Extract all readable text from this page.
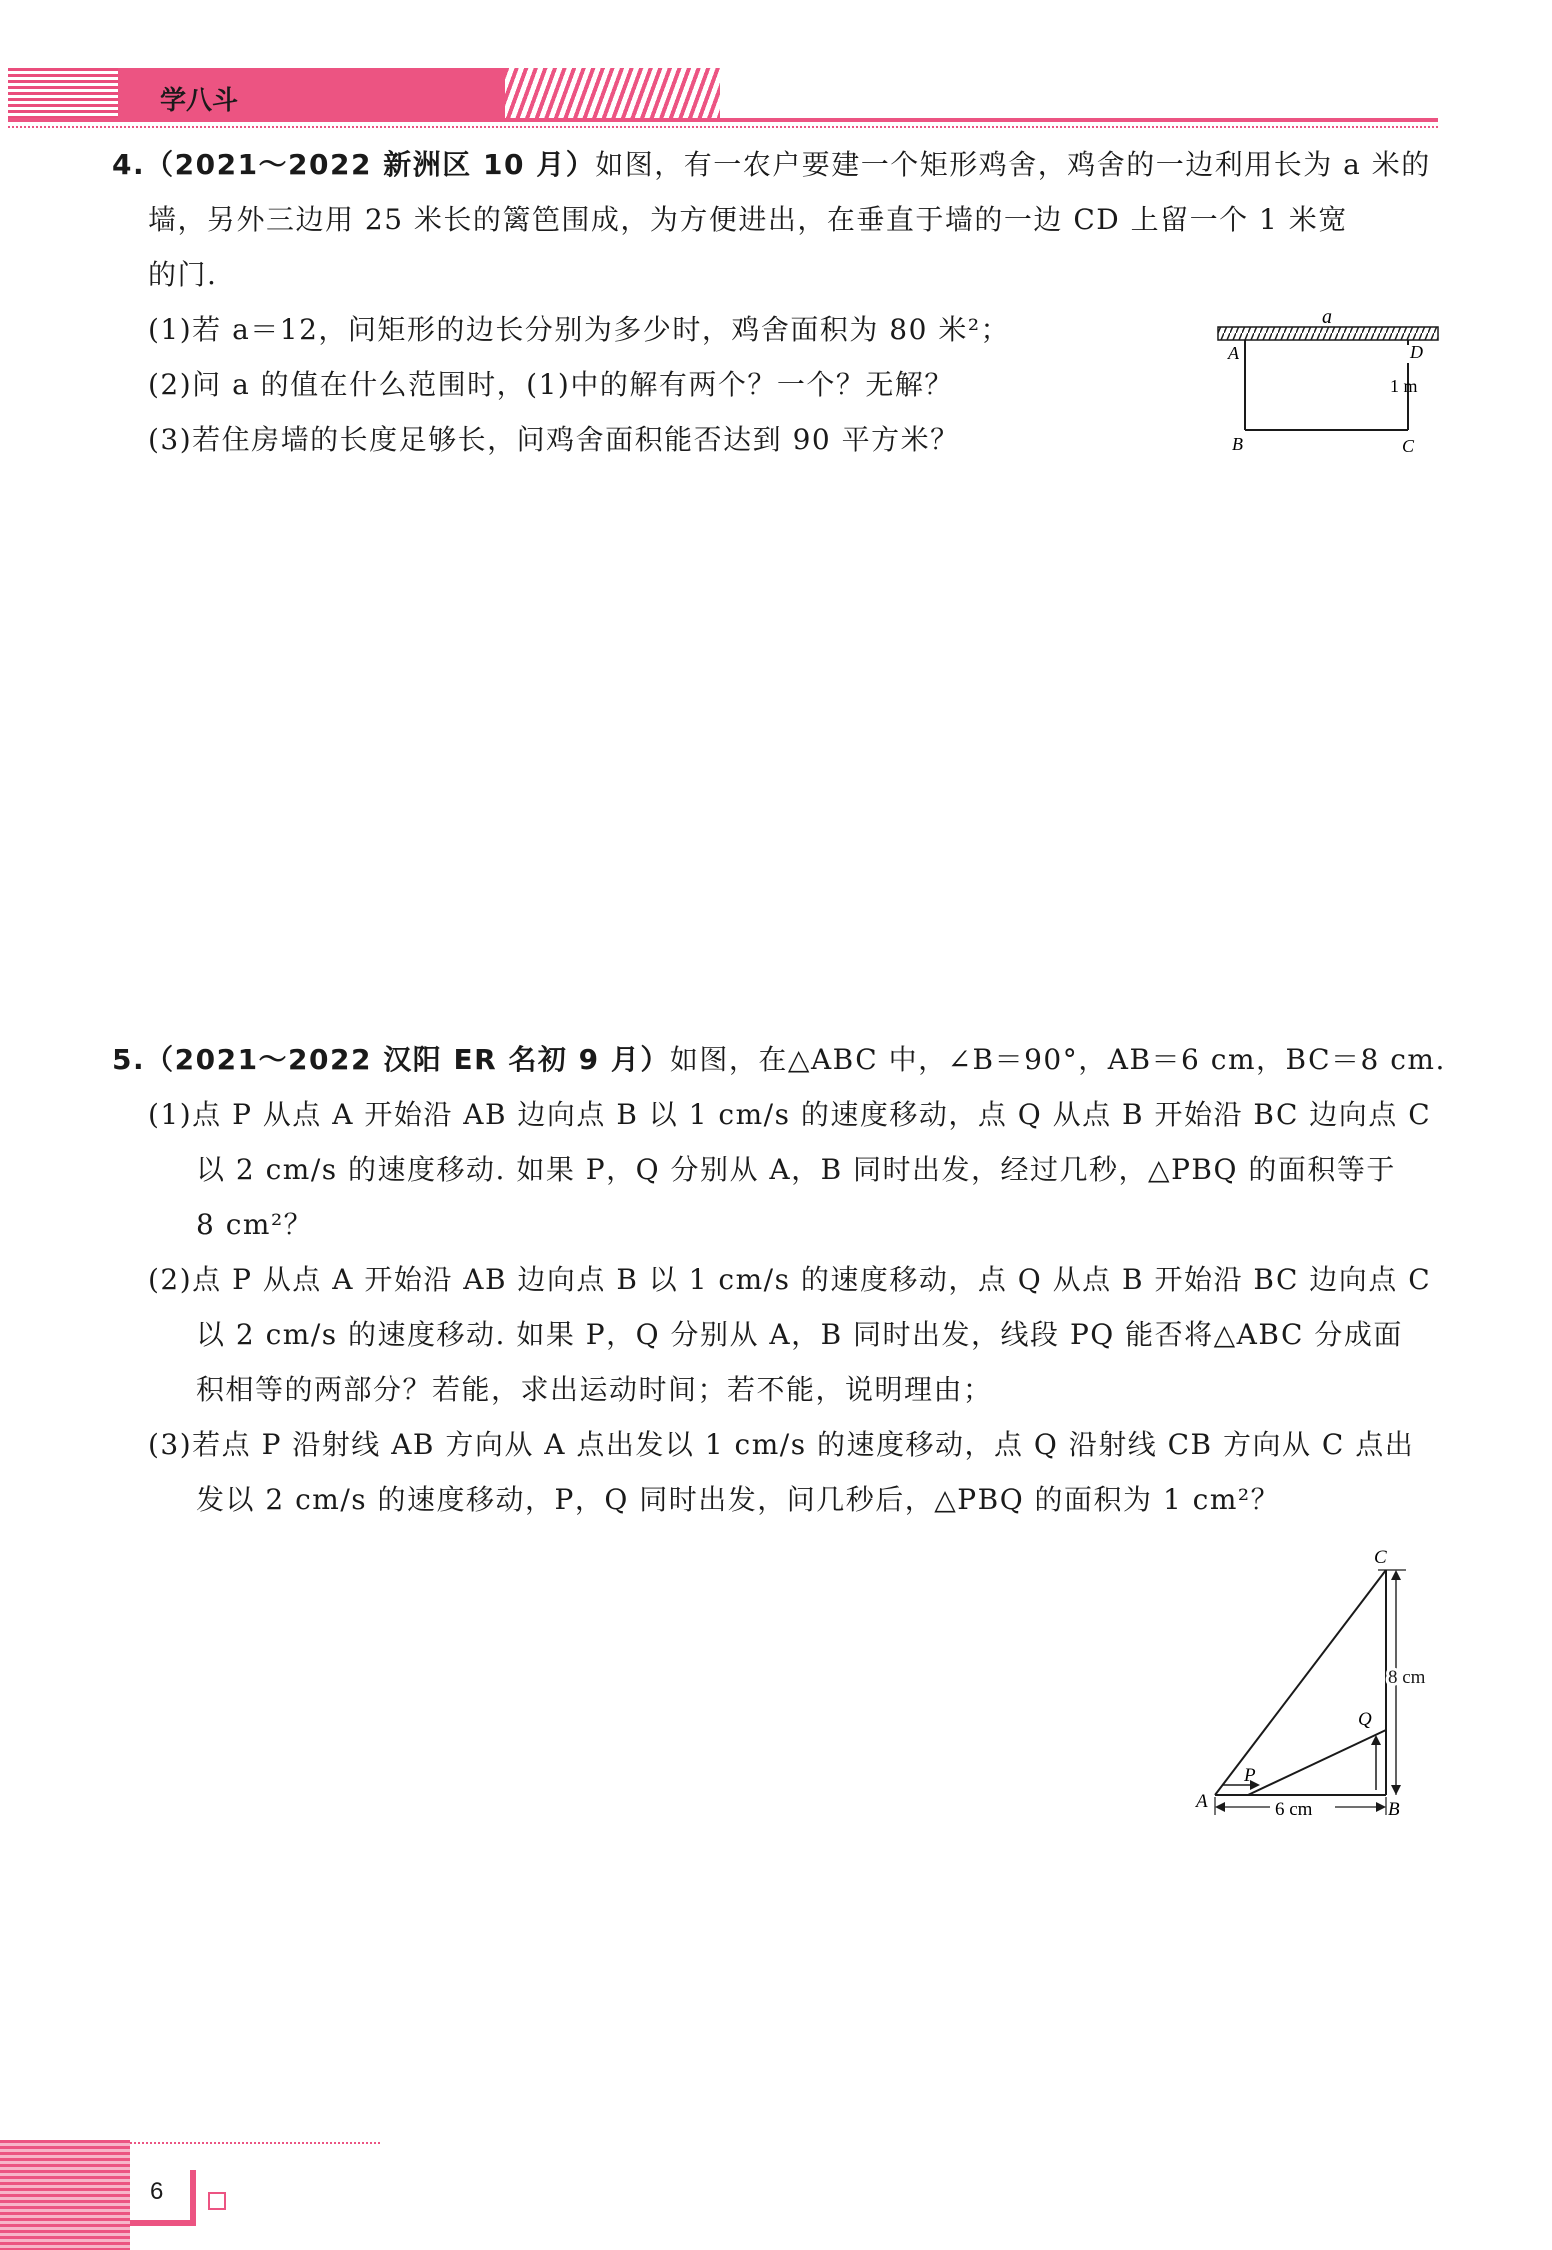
学八斗
4.（2021～2022 新洲区 10 月）如图，有一农户要建一个矩形鸡舍，鸡舍的一边利用长为 a 米的
墙，另外三边用 25 米长的篱笆围成，为方便进出，在垂直于墙的一边 CD 上留一个 1 米宽
的门.
(1)若 a＝12，问矩形的边长分别为多少时，鸡舍面积为 80 米²；
(2)问 a 的值在什么范围时，(1)中的解有两个？一个？无解？
(3)若住房墙的长度足够长，问鸡舍面积能否达到 90 平方米？
a
A	D
1 m
B	C
5.（2021～2022 汉阳 ER 名初 9 月）如图，在△ABC 中，∠B＝90°，AB＝6 cm，BC＝8 cm.
(1)点 P 从点 A 开始沿 AB 边向点 B 以 1 cm/s 的速度移动，点 Q 从点 B 开始沿 BC 边向点 C
以 2 cm/s 的速度移动. 如果 P，Q 分别从 A，B 同时出发，经过几秒，△PBQ 的面积等于
8 cm²？
(2)点 P 从点 A 开始沿 AB 边向点 B 以 1 cm/s 的速度移动，点 Q 从点 B 开始沿 BC 边向点 C
以 2 cm/s 的速度移动. 如果 P，Q 分别从 A，B 同时出发，线段 PQ 能否将△ABC 分成面
积相等的两部分？若能，求出运动时间；若不能，说明理由；
(3)若点 P 沿射线 AB 方向从 A 点出发以 1 cm/s 的速度移动，点 Q 沿射线 CB 方向从 C 点出
发以 2 cm/s 的速度移动，P，Q 同时出发，问几秒后，△PBQ 的面积为 1 cm²？
8 cm
6 cm
A	B
C
P
Q
6
